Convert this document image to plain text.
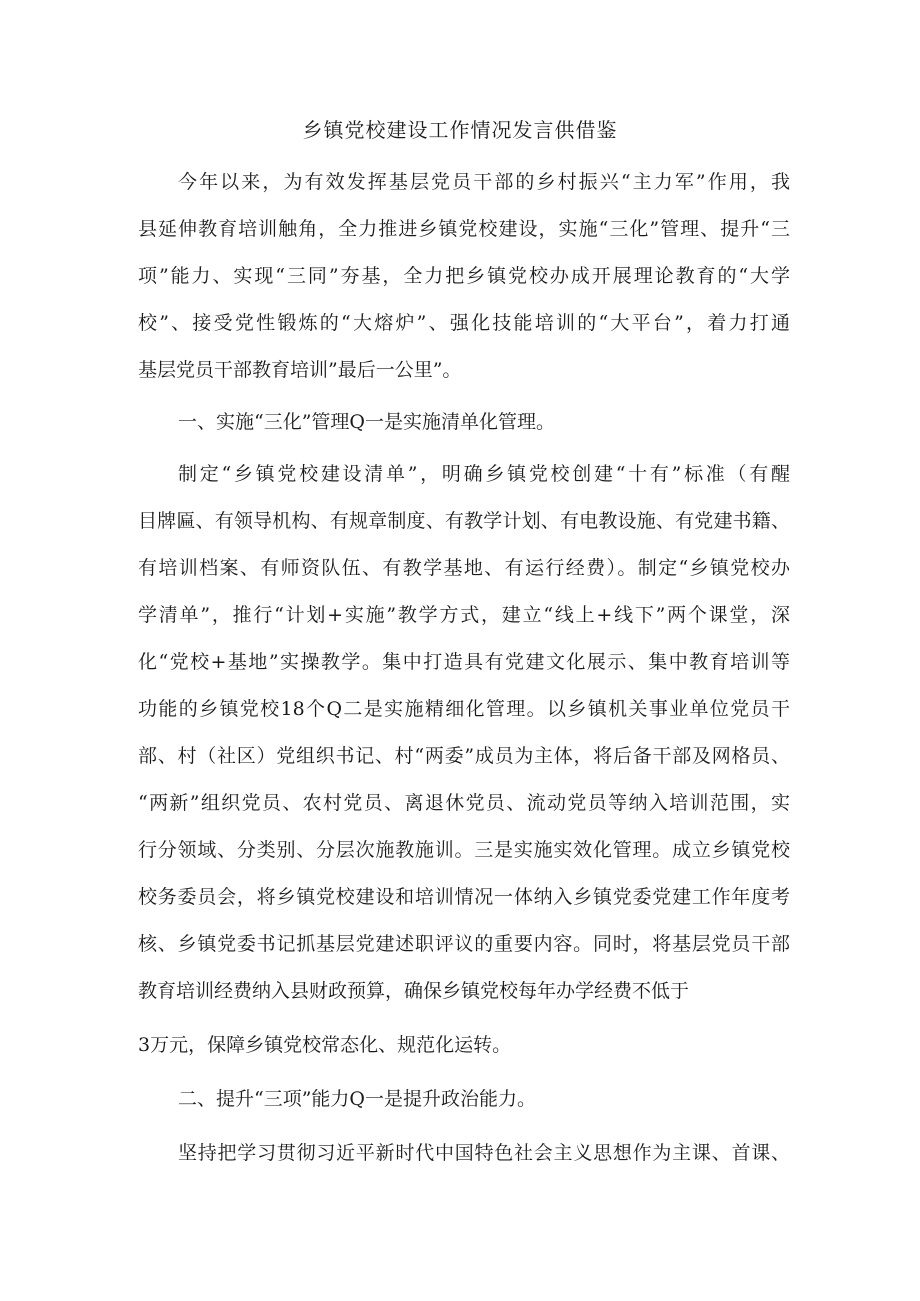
乡镇党校建设工作情况发言供借鉴
今年以来，为有效发挥基层党员干部的乡村振兴“主力军”作用，我
县延伸教育培训触角，全力推进乡镇党校建设，实施“三化”管理、提升“三
项”能力、实现“三同”夯基，全力把乡镇党校办成开展理论教育的“大学
校”、接受党性锻炼的“大熔炉”、强化技能培训的“大平台”，着力打通
基层党员干部教育培训”最后一公里”。
一、实施“三化”管理Q一是实施清单化管理。
制定“乡镇党校建设清单”，明确乡镇党校创建“十有”标准（有醒
目牌匾、有领导机构、有规章制度、有教学计划、有电教设施、有党建书籍、
有培训档案、有师资队伍、有教学基地、有运行经费）。制定“乡镇党校办
学清单”，推行“计划+实施”教学方式，建立“线上+线下”两个课堂，深
化“党校+基地”实操教学。集中打造具有党建文化展示、集中教育培训等
功能的乡镇党校18个Q二是实施精细化管理。以乡镇机关事业单位党员干
部、村（社区）党组织书记、村“两委”成员为主体，将后备干部及网格员、
“两新”组织党员、农村党员、离退休党员、流动党员等纳入培训范围，实
行分领域、分类别、分层次施教施训。三是实施实效化管理。成立乡镇党校
校务委员会，将乡镇党校建设和培训情况一体纳入乡镇党委党建工作年度考
核、乡镇党委书记抓基层党建述职评议的重要内容。同时，将基层党员干部
教育培训经费纳入县财政预算，确保乡镇党校每年办学经费不低于
3万元，保障乡镇党校常态化、规范化运转。
二、提升“三项”能力Q一是提升政治能力。
坚持把学习贯彻习近平新时代中国特色社会主义思想作为主课、首课、
